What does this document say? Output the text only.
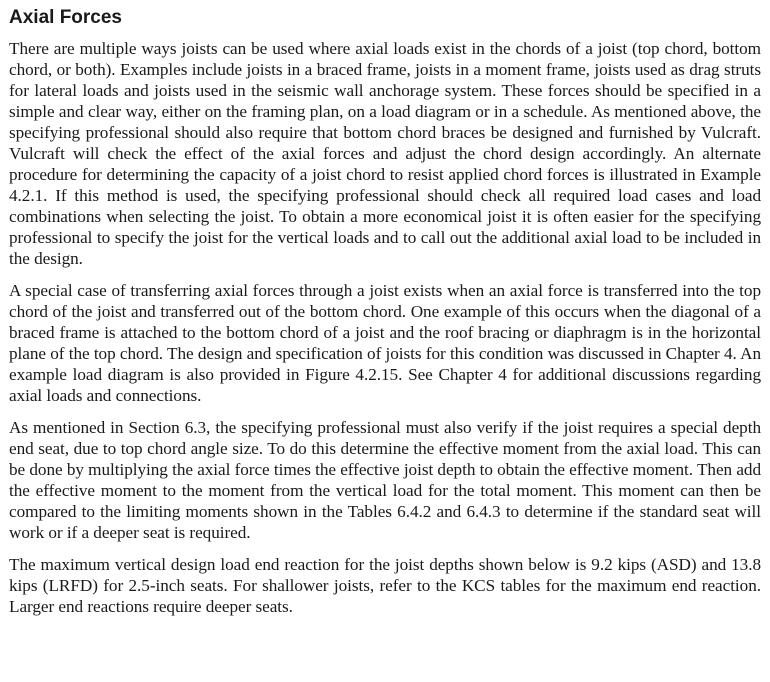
Axial Forces

There are multiple ways joists can be used where axial loads exist in the chords of a joist (top chord, bottom chord, or both). Examples include joists in a braced frame, joists in a moment frame, joists used as drag struts for lateral loads and joists used in the seismic wall anchorage system. These forces should be specified in a simple and clear way, either on the framing plan, on a load diagram or in a schedule. As mentioned above, the specifying professional should also require that bottom chord braces be designed and furnished by Vulcraft. Vulcraft will check the effect of the axial forces and adjust the chord design accordingly. An alternate procedure for determining the capacity of a joist chord to resist applied chord forces is illustrated in Example 4.2.1. If this method is used, the specifying professional should check all required load cases and load combinations when selecting the joist. To obtain a more economical joist it is often easier for the specifying professional to specify the joist for the vertical loads and to call out the additional axial load to be included in the design.

A special case of transferring axial forces through a joist exists when an axial force is transferred into the top chord of the joist and transferred out of the bottom chord. One example of this occurs when the diagonal of a braced frame is attached to the bottom chord of a joist and the roof bracing or diaphragm is in the horizontal plane of the top chord. The design and specification of joists for this condition was discussed in Chapter 4. An example load diagram is also provided in Figure 4.2.15. See Chapter 4 for additional discussions regarding axial loads and connections.

As mentioned in Section 6.3, the specifying professional must also verify if the joist requires a special depth end seat, due to top chord angle size. To do this determine the effective moment from the axial load. This can be done by multiplying the axial force times the effective joist depth to obtain the effective moment. Then add the effective moment to the moment from the vertical load for the total moment. This moment can then be compared to the limiting moments shown in the Tables 6.4.2 and 6.4.3 to determine if the standard seat will work or if a deeper seat is required.

The maximum vertical design load end reaction for the joist depths shown below is 9.2 kips (ASD) and 13.8 kips (LRFD) for 2.5-inch seats. For shallower joists, refer to the KCS tables for the maximum end reaction. Larger end reactions require deeper seats.
